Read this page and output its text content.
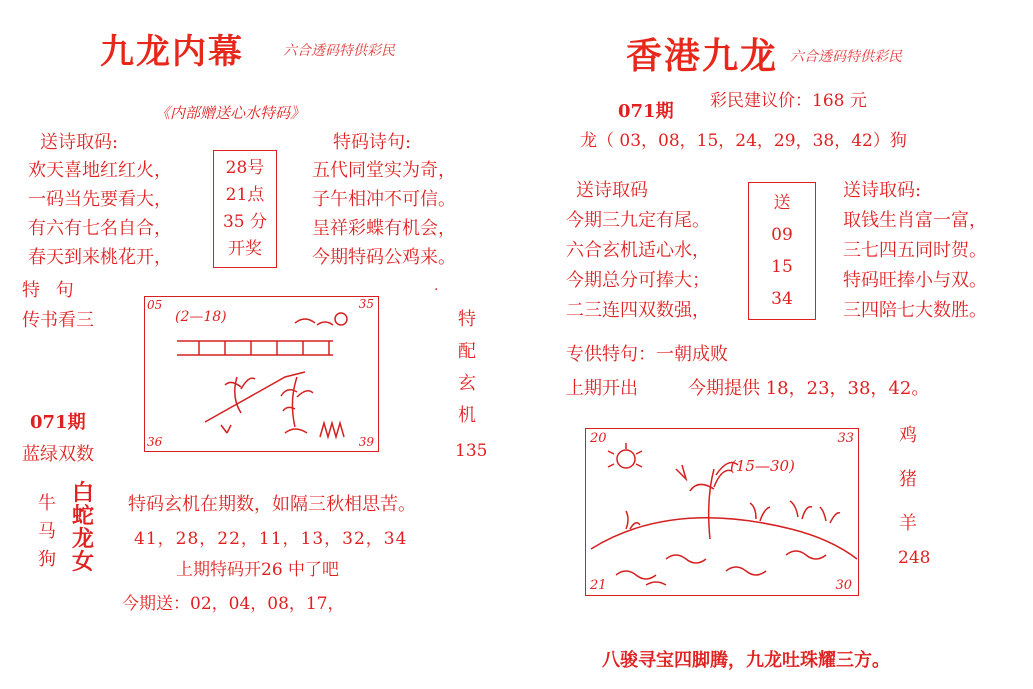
九龙内幕	六合透码特供彩民
《内部赠送心水特码》
送诗取码:
欢天喜地红红火，
一码当先要看大，
有六有七名自合，
春天到来桃花开，
28号
21点
35 分
开奖
特码诗句:
五代同堂实为奇，
子午相冲不可信。
呈祥彩蝶有机会，
今期特码公鸡来。
特 句
传书看三
·
05	35
36	39
(2—18)
071期
蓝绿双数
特
配
玄
机
135
牛
马
狗
白
蛇
龙
女
特码玄机在期数，如隔三秋相思苦。
41，28，22，11，13，32，34
上期特码开26 中了吧
今期送：02，04，08，17，
香港九龙 六合透码特供彩民
071期 彩民建议价：168 元
龙（ 03，08，15，24，29，38，42）狗
送诗取码
今期三九定有尾。
六合玄机适心水，
今期总分可捧大；
二三连四双数强，
送
09
15
34
送诗取码:
取钱生肖富一富，
三七四五同时贺。
特码旺捧小与双。
三四陪七大数胜。
专供特句：一朝成败
上期开出	今期提供 18，23，38，42。
20	33
21	30
(15—30)
鸡
猪
羊
248
八骏寻宝四脚腾，九龙吐珠耀三方。
